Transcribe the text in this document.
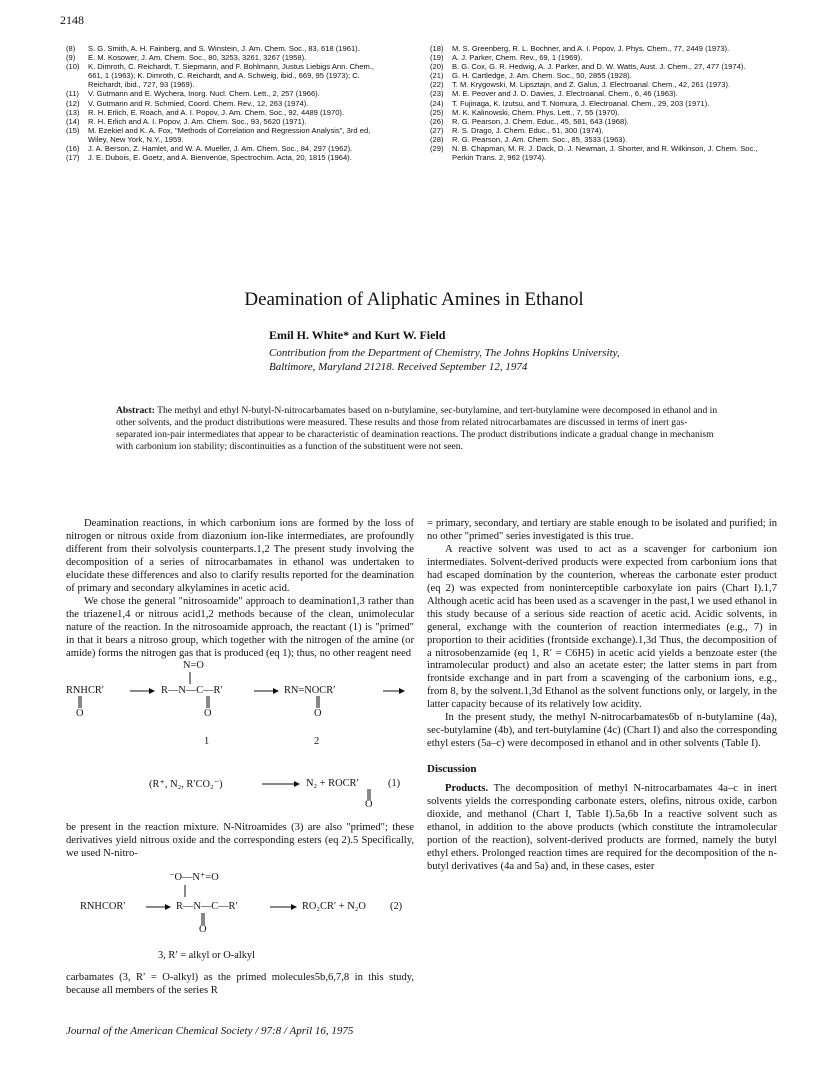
2148
(8)	S. G. Smith, A. H. Fainberg, and S. Winstein, J. Am. Chem. Soc., 83, 618 (1961).
(9)	E. M. Kosower, J. Am. Chem. Soc., 80, 3253, 3261, 3267 (1958).
(10)	K. Dimroth, C. Reichardt, T. Siepmann, and F. Bohlmann, Justus Liebigs Ann. Chem., 661, 1 (1963); K. Dimroth, C. Reichardt, and A. Schweig, ibid., 669, 95 (1973); C. Reichardt, ibid., 727, 93 (1969).
(11)	V. Gutmann and E. Wychera, Inorg. Nucl. Chem. Lett., 2, 257 (1966).
(12)	V. Gutmann and R. Schmied, Coord. Chem. Rev., 12, 263 (1974).
(13)	R. H. Erlich, E. Roach, and A. I. Popov, J. Am. Chem. Soc., 92, 4489 (1970).
(14)	R. H. Erlich and A. I. Popov, J. Am. Chem. Soc., 93, 5620 (1971).
(15)	M. Ezekiel and K. A. Fox, "Methods of Correlation and Regression Analysis", 3rd ed, Wiley, New York, N.Y., 1959.
(16)	J. A. Berson, Z. Hamlet, and W. A. Mueller, J. Am. Chem. Soc., 84, 297 (1962).
(17)	J. E. Dubois, E. Goetz, and A. Bienvenüe, Spectrochim. Acta, 20, 1815 (1964).
(18)	M. S. Greenberg, R. L. Bochner, and A. I. Popov, J. Phys. Chem., 77, 2449 (1973).
(19)	A. J. Parker, Chem. Rev., 69, 1 (1969).
(20)	B. G. Cox, G. R. Hedwig, A. J. Parker, and D. W. Watts, Aust. J. Chem., 27, 477 (1974).
(21)	G. H. Cartledge, J. Am. Chem. Soc., 50, 2855 (1928).
(22)	T. M. Krygowski, M. Lipsztajn, and Z. Galus, J. Electroanal. Chem., 42, 261 (1973).
(23)	M. E. Peover and J. D. Davies, J. Electroanal. Chem., 6, 46 (1963).
(24)	T. Fujinaga, K. Izutsu, and T. Nomura, J. Electroanal. Chem., 29, 203 (1971).
(25)	M. K. Kalinowski, Chem. Phys. Lett., 7, 55 (1970).
(26)	R. G. Pearson, J. Chem. Educ., 45, 581, 643 (1968).
(27)	R. S. Drago, J. Chem. Educ., 51, 300 (1974).
(28)	R. G. Pearson, J. Am. Chem. Soc., 85, 3533 (1963).
(29)	N. B. Chapman, M. R. J. Dack, D. J. Newman, J. Shorter, and R. Wilkinson, J. Chem. Soc., Perkin Trans. 2, 962 (1974).
Deamination of Aliphatic Amines in Ethanol
Emil H. White* and Kurt W. Field
Contribution from the Department of Chemistry, The Johns Hopkins University,
Baltimore, Maryland 21218. Received September 12, 1974
Abstract: The methyl and ethyl N-butyl-N-nitrocarbamates based on n-butylamine, sec-butylamine, and tert-butylamine were decomposed in ethanol and in other solvents, and the product distributions were measured. These results and those from related nitrocarbamates are discussed in terms of inert gas-separated ion-pair intermediates that appear to be characteristic of deamination reactions. The product distributions indicate a gradual change in mechanism with carbonium ion stability; discontinuities as a function of the substituent were not seen.

Deamination reactions, in which carbonium ions are formed by the loss of nitrogen or nitrous oxide from diazonium ion-like intermediates, are profoundly different from their solvolysis counterparts.1,2 The present study involving the decomposition of a series of nitrocarbamates in ethanol was undertaken to elucidate these differences and also to clarify results reported for the deamination of primary and secondary alkylamines in acetic acid.

We chose the general "nitrosoamide" approach to deamination1,3 rather than the triazene1,4 or nitrous acid1,2 methods because of the clean, unimolecular nature of the reaction. In the nitrosoamide approach, the reactant (1) is "primed" in that it bears a nitroso group, which together with the nitrogen of the amine (or amide) forms the nitrogen gas that is produced (eq 1); thus, no other reagent need

N=O
RNHCR′	R—N—C—R′	RN=NOCR′
O	O	O
1	2
(R⁺, N₂, R′CO₂⁻)	N₂ + ROCR′	(1)
O

be present in the reaction mixture. N-Nitroamides (3) are also "primed"; these derivatives yield nitrous oxide and the corresponding esters (eq 2).5 Specifically, we used N-nitro-

⁻O—N⁺=O
RNHCOR′	R—N—C—R′	RO₂CR′ + N₂O (2)
O
3, R′ = alkyl or O-alkyl

carbamates (3, R′ = O-alkyl) as the primed molecules5b,6,7,8 in this study, because all members of the series R

= primary, secondary, and tertiary are stable enough to be isolated and purified; in no other "primed" series investigated is this true.

A reactive solvent was used to act as a scavenger for carbonium ion intermediates. Solvent-derived products were expected from carbonium ions that had escaped domination by the counterion, whereas the carbonate ester product (eq 2) was expected from noninterceptible carboxylate ion pairs (Chart I).1,7 Although acetic acid has been used as a scavenger in the past,1 we used ethanol in this study because of a serious side reaction of acetic acid. Acidic solvents, in general, exchange with the counterion of reaction intermediates (e.g., 7) in proportion to their acidities (frontside exchange).1,3d Thus, the decomposition of a nitrosobenzamide (eq 1, R′ = C6H5) in acetic acid yields a benzoate ester (the intramolecular product) and also an acetate ester; the latter stems in part from frontside exchange and in part from a scavenging of the carbonium ions, e.g., from 8, by the solvent.1,3d Ethanol as the solvent functions only, or largely, in the latter capacity because of its relatively low acidity.

In the present study, the methyl N-nitrocarbamates6b of n-butylamine (4a), sec-butylamine (4b), and tert-butylamine (4c) (Chart I) and also the corresponding ethyl esters (5a–c) were decomposed in ethanol and in other solvents (Table I).

Discussion

Products. The decomposition of methyl N-nitrocarbamates 4a–c in inert solvents yields the corresponding carbonate esters, olefins, nitrous oxide, carbon dioxide, and methanol (Chart I, Table I).5a,6b In a reactive solvent such as ethanol, in addition to the above products (which constitute the intramolecular portion of the reaction), solvent-derived products are formed, namely the butyl ethyl ethers. Prolonged reaction times are required for the decomposition of the n-butyl derivatives (4a and 5a) and, in these cases, ester

Journal of the American Chemical Society / 97:8 / April 16, 1975
